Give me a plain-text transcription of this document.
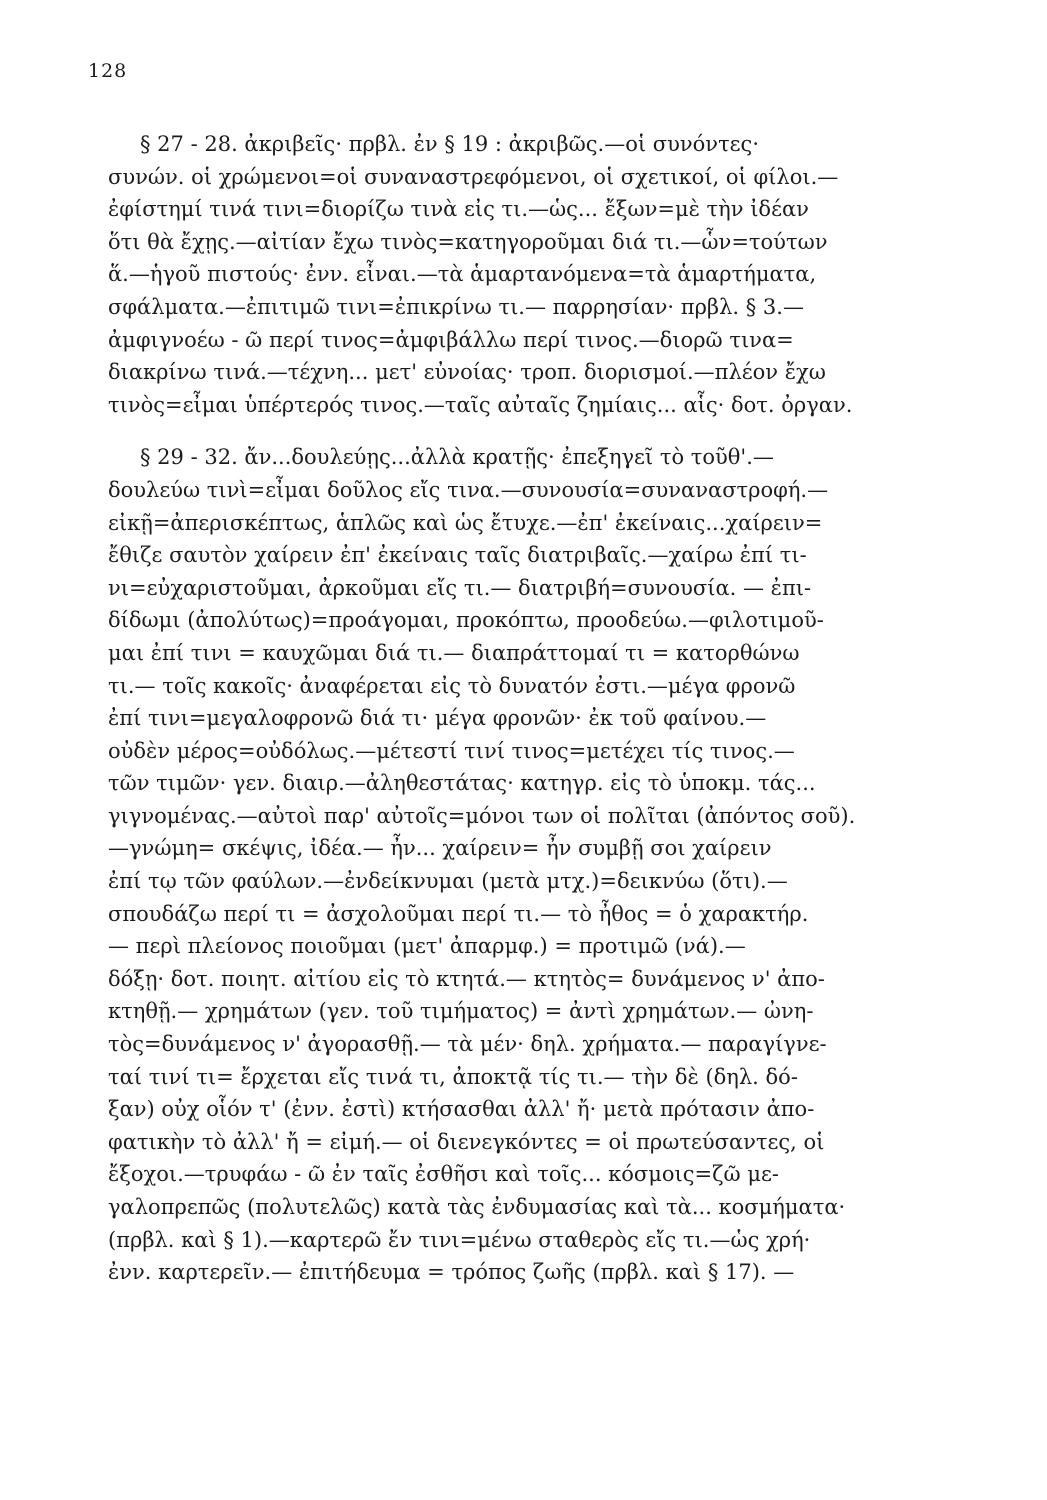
128
§ 27 - 28. ἀκριβεῖς· πρβλ. ἐν § 19 : ἀκριβῶς.—οἱ συνόντες·
συνών. οἱ χρώμενοι=οἱ συναναστρεφόμενοι, οἱ σχετικοί, οἱ φίλοι.—
ἐφίστημί τινά τινι=διορίζω τινὰ εἰς τι.—ὡς... ἔξων=μὲ τὴν ἰδέαν
ὅτι θὰ ἔχῃς.—αἰτίαν ἔχω τινὸς=κατηγοροῦμαι διά τι.—ὧν=τούτων
ἅ.—ἡγοῦ πιστούς· ἐνν. εἶναι.—τὰ ἁμαρτανόμενα=τὰ ἁμαρτήματα,
σφάλματα.—ἐπιτιμῶ τινι=ἐπικρίνω τι.— παρρησίαν· πρβλ. § 3.—
ἀμφιγνοέω - ῶ περί τινος=ἀμφιβάλλω περί τινος.—διορῶ τινα=
διακρίνω τινά.—τέχνη... μετ' εὐνοίας· τροπ. διορισμοί.—πλέον ἔχω
τινὸς=εἶμαι ὑπέρτερός τινος.—ταῖς αὐταῖς ζημίαις... αἷς· δοτ. ὀργαν.
§ 29 - 32. ἄν...δουλεύῃς...ἀλλὰ κρατῇς· ἐπεξηγεῖ τὸ τοῦθ'.—
δουλεύω τινὶ=εἶμαι δοῦλος εἴς τινα.—συνουσία=συναναστροφή.—
εἰκῇ=ἀπερισκέπτως, ἁπλῶς καὶ ὡς ἔτυχε.—ἐπ' ἐκείναις...χαίρειν=
ἔθιζε σαυτὸν χαίρειν ἐπ' ἐκείναις ταῖς διατριβαῖς.—χαίρω ἐπί τι-
νι=εὐχαριστοῦμαι, ἀρκοῦμαι εἴς τι.— διατριβή=συνουσία. — ἐπι-
δίδωμι (ἀπολύτως)=προάγομαι, προκόπτω, προοδεύω.—φιλοτιμοῦ-
μαι ἐπί τινι = καυχῶμαι διά τι.— διαπράττομαί τι = κατορθώνω
τι.— τοῖς κακοῖς· ἀναφέρεται εἰς τὸ δυνατόν ἐστι.—μέγα φρονῶ
ἐπί τινι=μεγαλοφρονῶ διά τι· μέγα φρονῶν· ἐκ τοῦ φαίνου.—
οὐδὲν μέρος=οὐδόλως.—μέτεστί τινί τινος=μετέχει τίς τινος.—
τῶν τιμῶν· γεν. διαιρ.—ἀληθεστάτας· κατηγρ. εἰς τὸ ὑποκμ. τάς...
γιγνομένας.—αὐτοὶ παρ' αὐτοῖς=μόνοι των οἱ πολῖται (ἀπόντος σοῦ).
—γνώμη= σκέψις, ἰδέα.— ἦν... χαίρειν= ἦν συμβῇ σοι χαίρειν
ἐπί τῳ τῶν φαύλων.—ἐνδείκνυμαι (μετὰ μτχ.)=δεικνύω (ὅτι).—
σπουδάζω περί τι = ἀσχολοῦμαι περί τι.— τὸ ἦθος = ὁ χαρακτήρ.
— περὶ πλείονος ποιοῦμαι (μετ' ἀπαρμφ.) = προτιμῶ (νά).—
δόξῃ· δοτ. ποιητ. αἰτίου εἰς τὸ κτητά.— κτητὸς= δυνάμενος ν' ἀπο-
κτηθῇ.— χρημάτων (γεν. τοῦ τιμήματος) = ἀντὶ χρημάτων.— ὠνη-
τὸς=δυνάμενος ν' ἀγορασθῇ.— τὰ μέν· δηλ. χρήματα.— παραγίγνε-
ταί τινί τι= ἔρχεται εἴς τινά τι, ἀποκτᾷ τίς τι.— τὴν δὲ (δηλ. δό-
ξαν) οὐχ οἷόν τ' (ἐνν. ἐστὶ) κτήσασθαι ἀλλ' ἤ· μετὰ πρότασιν ἀπο-
φατικὴν τὸ ἀλλ' ἤ = εἰμή.— οἱ διενεγκόντες = οἱ πρωτεύσαντες, οἱ
ἔξοχοι.—τρυφάω - ῶ ἐν ταῖς ἐσθῆσι καὶ τοῖς... κόσμοις=ζῶ με-
γαλοπρεπῶς (πολυτελῶς) κατὰ τὰς ἐνδυμασίας καὶ τὰ... κοσμήματα·
(πρβλ. καὶ § 1).—καρτερῶ ἔν τινι=μένω σταθερὸς εἴς τι.—ὡς χρή·
ἐνν. καρτερεῖν.— ἐπιτήδευμα = τρόπος ζωῆς (πρβλ. καὶ § 17). —
